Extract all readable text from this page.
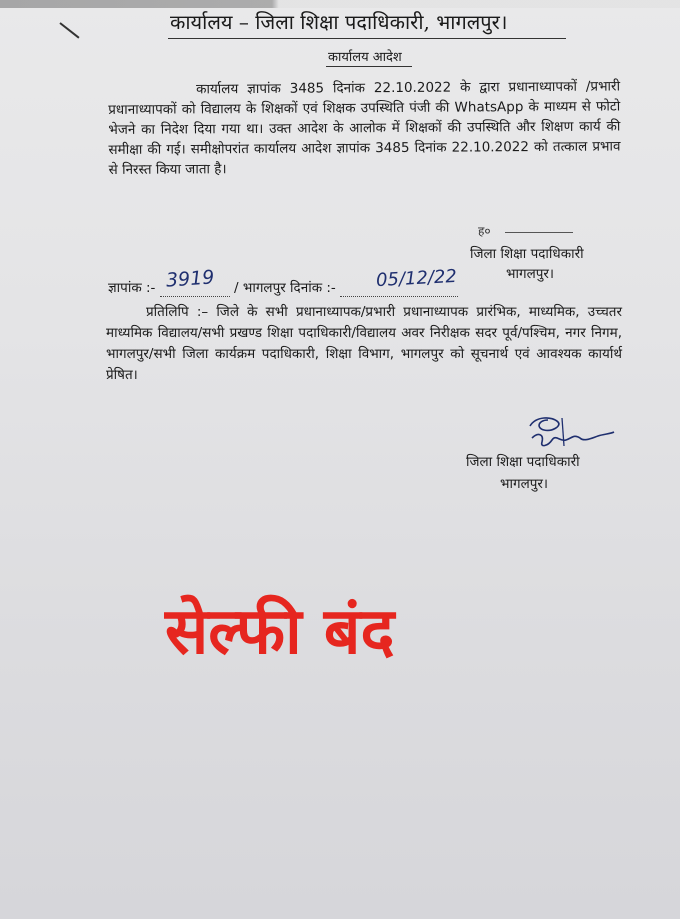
कार्यालय – जिला शिक्षा पदाधिकारी, भागलपुर।
कार्यालय आदेश
कार्यालय ज्ञापांक 3485 दिनांक 22.10.2022 के द्वारा प्रधानाध्यापकों /प्रभारी प्रधानाध्यापकों को विद्यालय के शिक्षकों एवं शिक्षक उपस्थिति पंजी की WhatsApp के माध्यम से फोटो भेजने का निदेश दिया गया था। उक्त आदेश के आलोक में शिक्षकों की उपस्थिति और शिक्षण कार्य की समीक्षा की गई। समीक्षोपरांत कार्यालय आदेश ज्ञापांक 3485 दिनांक 22.10.2022 को तत्काल प्रभाव से निरस्त किया जाता है।
ह०
जिला शिक्षा पदाधिकारी
भागलपुर।
ज्ञापांक :-	/ भागलपुर दिनांक :-
3919	05/12/22
प्रतिलिपि :– जिले के सभी प्रधानाध्यापक/प्रभारी प्रधानाध्यापक प्रारंभिक, माध्यमिक, उच्चतर माध्यमिक विद्यालय/सभी प्रखण्ड शिक्षा पदाधिकारी/विद्यालय अवर निरीक्षक सदर पूर्व/पश्चिम, नगर निगम, भागलपुर/सभी जिला कार्यक्रम पदाधिकारी, शिक्षा विभाग, भागलपुर को सूचनार्थ एवं आवश्यक कार्यार्थ प्रेषित।
जिला शिक्षा पदाधिकारी
भागलपुर।
सेल्फी बंद
